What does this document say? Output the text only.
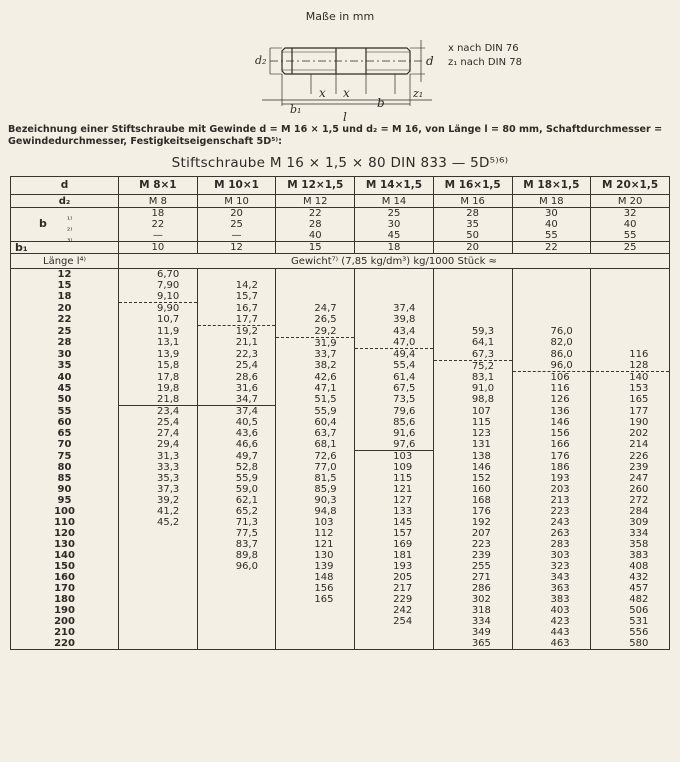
Maße in mm
d₂	d
b₁
x x
b
z₁
l
x nach DIN 76
z₁ nach DIN 78
Bezeichnung einer Stiftschraube mit Gewinde d = M 16 × 1,5 und d₂ = M 16, von Länge l = 80 mm, Schaftdurchmesser = Gewindedurchmesser, Festigkeitseigenschaft 5D⁵⁾:
Stiftschraube M 16 × 1,5 × 80 DIN 833 — 5D⁵⁾⁶⁾
d	M 8×1	M 10×1	M 12×1,5	M 14×1,5	M 16×1,5	M 18×1,5	M 20×1,5
d₂	M 8	M 10	M 12	M 14	M 16	M 18	M 20

b ¹⁾	18	20	22	25	28	30	32

²⁾	22	25	28	30	35	40	40

³⁾	—	—	40	45	50	55	55
b₁	10	12	15	18	20	22	25
Länge l⁴⁾	Gewicht⁷⁾ (7,85 kg/dm³) kg/1000 Stück ≈						
12	6,70						
15	7,90	14,2					
18	9,10	15,7					
20	9,90	16,7	24,7	37,4			
22	10,7	17,7	26,5	39,8			
25	11,9	19,2	29,2	43,4	59,3	76,0	
28	13,1	21,1	31,9	47,0	64,1	82,0	
30	13,9	22,3	33,7	49,4	67,3	86,0	116
35	15,8	25,4	38,2	55,4	75,2	96,0	128
40	17,8	28,6	42,6	61,4	83,1	106	140
45	19,8	31,6	47,1	67,5	91,0	116	153
50	21,8	34,7	51,5	73,5	98,8	126	165
55	23,4	37,4	55,9	79,6	107	136	177
60	25,4	40,5	60,4	85,6	115	146	190
65	27,4	43,6	63,7	91,6	123	156	202
70	29,4	46,6	68,1	97,6	131	166	214
75	31,3	49,7	72,6	103	138	176	226
80	33,3	52,8	77,0	109	146	186	239
85	35,3	55,9	81,5	115	152	193	247
90	37,3	59,0	85,9	121	160	203	260
95	39,2	62,1	90,3	127	168	213	272
100	41,2	65,2	94,8	133	176	223	284
110	45,2	71,3	103	145	192	243	309
120		77,5	112	157	207	263	334
130		83,7	121	169	223	283	358
140		89,8	130	181	239	303	383
150		96,0	139	193	255	323	408
160			148	205	271	343	432
170			156	217	286	363	457
180			165	229	302	383	482
190				242	318	403	506
200				254	334	423	531
210					349	443	556
220					365	463	580
